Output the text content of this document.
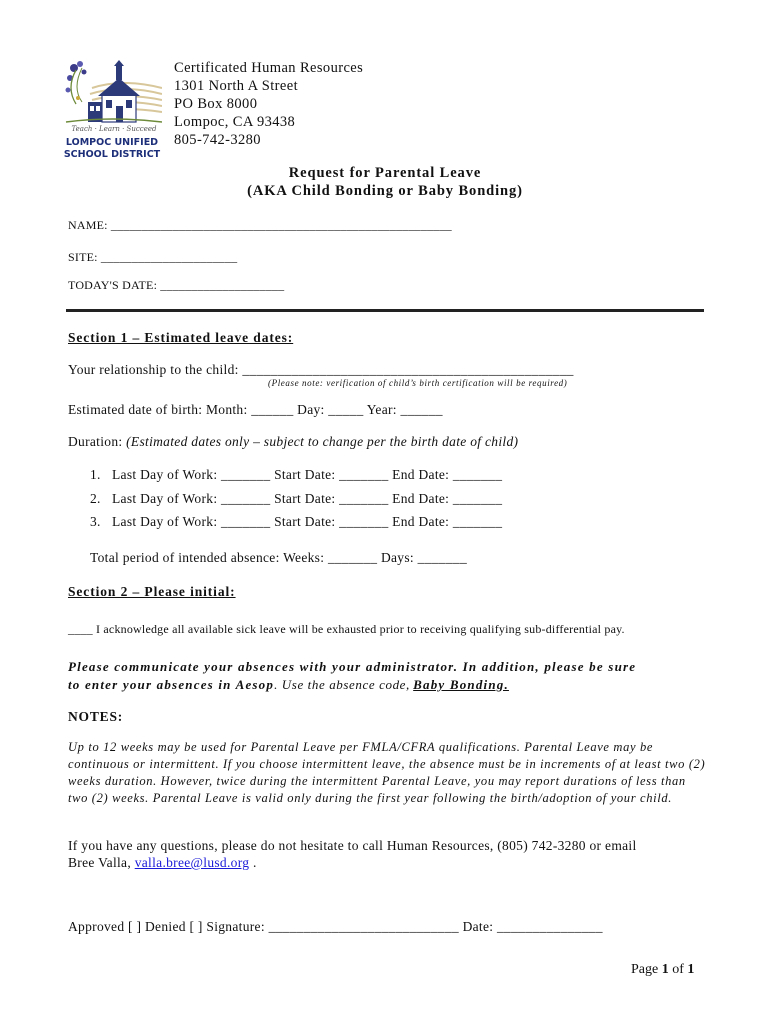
Teach · Learn · Succeed
LOMPOC UNIFIED
SCHOOL DISTRICT
Certificated Human Resources
1301 North A Street
PO Box 8000
Lompoc, CA 93438
805-742-3280
Request for Parental Leave
(AKA Child Bonding or Baby Bonding)
NAME: _______________________________________________________
SITE: ______________________
TODAY'S DATE: ____________________
Section 1 – Estimated leave dates:
Your relationship to the child: _______________________________________________
(Please note: verification of child’s birth certification will be required)
Estimated date of birth: Month: ______ Day: _____ Year: ______
Duration: (Estimated dates only – subject to change per the birth date of child)
1. Last Day of Work: _______ Start Date: _______ End Date: _______
2. Last Day of Work: _______ Start Date: _______ End Date: _______
3. Last Day of Work: _______ Start Date: _______ End Date: _______
Total period of intended absence: Weeks: _______ Days: _______
Section 2 – Please initial:
____ I acknowledge all available sick leave will be exhausted prior to receiving qualifying sub-differential pay.
Please communicate your absences with your administrator. In addition, please be sure
to enter your absences in Aesop. Use the absence code, Baby Bonding.
NOTES:
Up to 12 weeks may be used for Parental Leave per FMLA/CFRA qualifications. Parental Leave may be continuous or intermittent. If you choose intermittent leave, the absence must be in increments of at least two (2) weeks duration. However, twice during the intermittent Parental Leave, you may report durations of less than two (2) weeks. Parental Leave is valid only during the first year following the birth/adoption of your child.
If you have any questions, please do not hesitate to call Human Resources, (805) 742-3280 or email
Bree Valla, valla.bree@lusd.org .
Approved [ ] Denied [ ] Signature: ___________________________ Date: _______________
Page 1 of 1
